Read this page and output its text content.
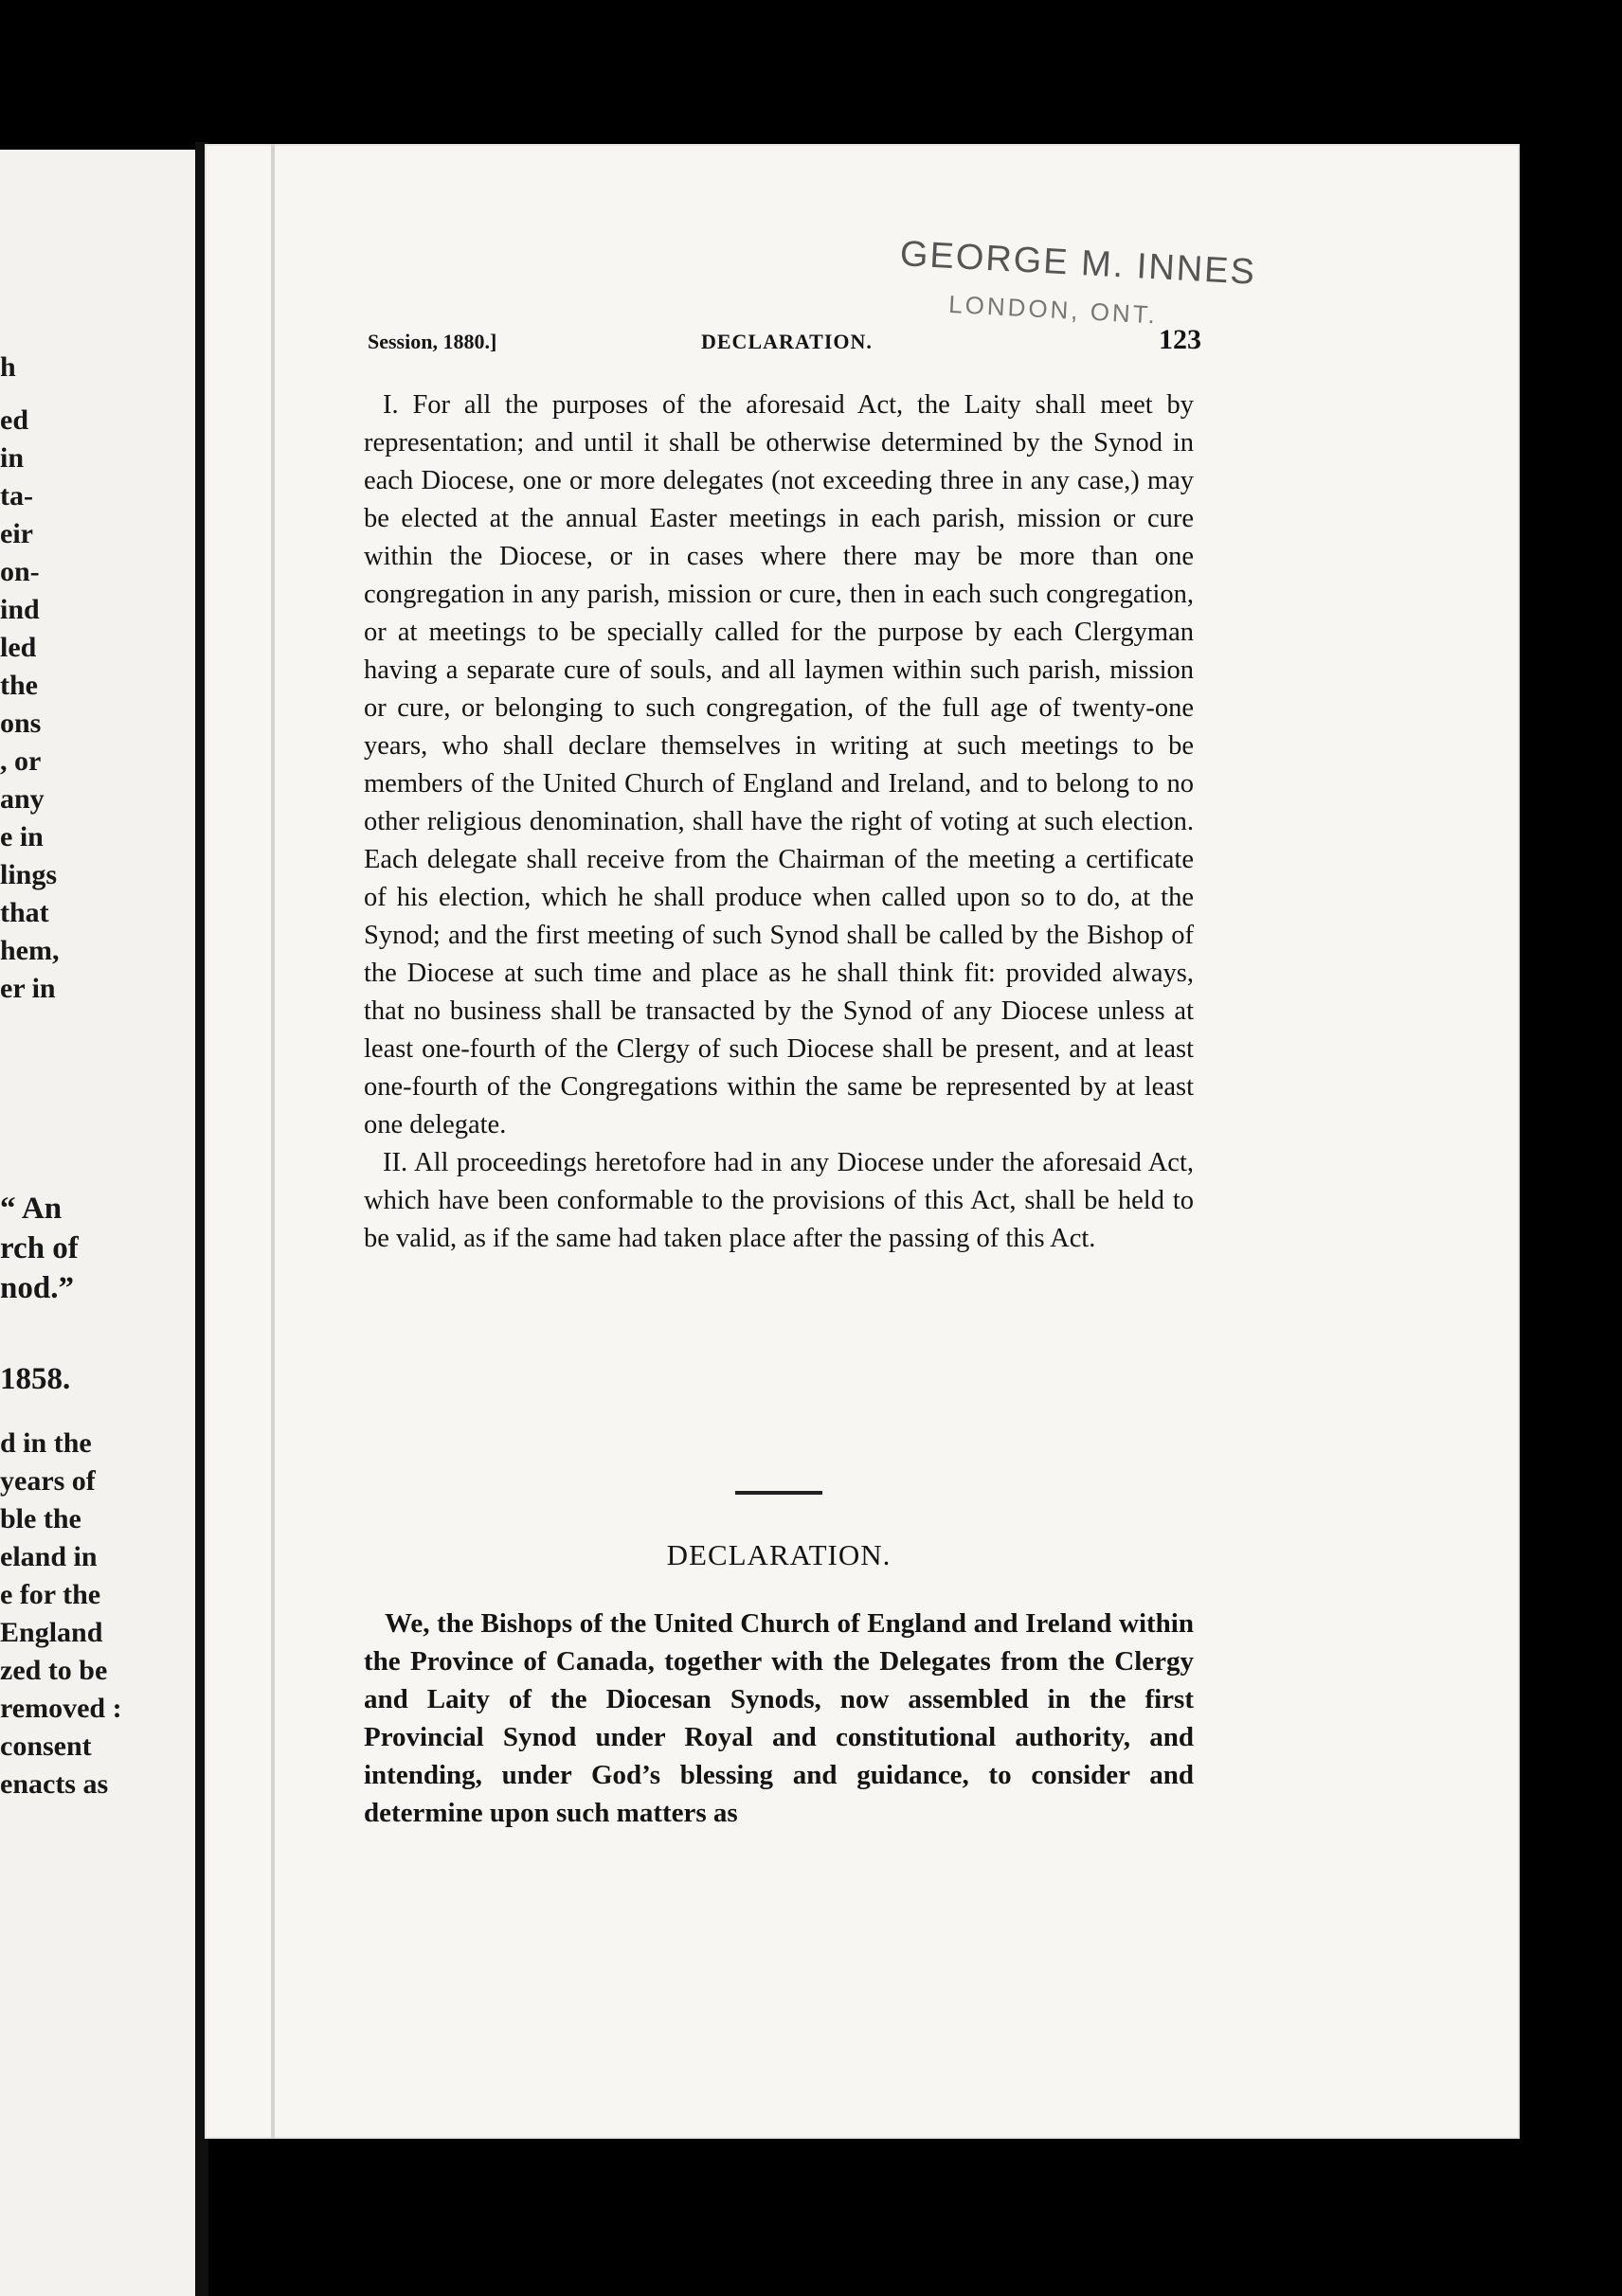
h
ed
in
ta-
eir
on-
ind
led
the
ons
, or
any
e in
lings
that
hem,
er in
“ An
rch of
nod.”
1858.
d in the
years of
ble the
eland in
e for the
England
zed to be
removed :
consent
enacts as
GEORGE M. INNES
LONDON, ONT.
Session, 1880.]	DECLARATION.	123

I. For all the purposes of the aforesaid Act, the Laity shall meet by representation; and until it shall be otherwise determined by the Synod in each Diocese, one or more delegates (not exceeding three in any case,) may be elected at the annual Easter meetings in each parish, mission or cure within the Diocese, or in cases where there may be more than one congregation in any parish, mission or cure, then in each such congregation, or at meetings to be specially called for the purpose by each Clergyman having a separate cure of souls, and all laymen within such parish, mission or cure, or belonging to such congregation, of the full age of twenty-one years, who shall declare themselves in writing at such meetings to be members of the United Church of England and Ireland, and to belong to no other religious denomination, shall have the right of voting at such election. Each delegate shall receive from the Chairman of the meeting a certificate of his election, which he shall produce when called upon so to do, at the Synod; and the first meeting of such Synod shall be called by the Bishop of the Diocese at such time and place as he shall think fit: provided always, that no business shall be transacted by the Synod of any Diocese unless at least one-fourth of the Clergy of such Diocese shall be present, and at least one-fourth of the Congregations within the same be represented by at least one delegate.

II. All proceedings heretofore had in any Diocese under the aforesaid Act, which have been conformable to the provisions of this Act, shall be held to be valid, as if the same had taken place after the passing of this Act.

DECLARATION.

We, the Bishops of the United Church of England and Ireland within the Province of Canada, together with the Delegates from the Clergy and Laity of the Diocesan Synods, now assembled in the first Provincial Synod under Royal and constitutional authority, and intending, under God’s blessing and guidance, to consider and determine upon such matters as
